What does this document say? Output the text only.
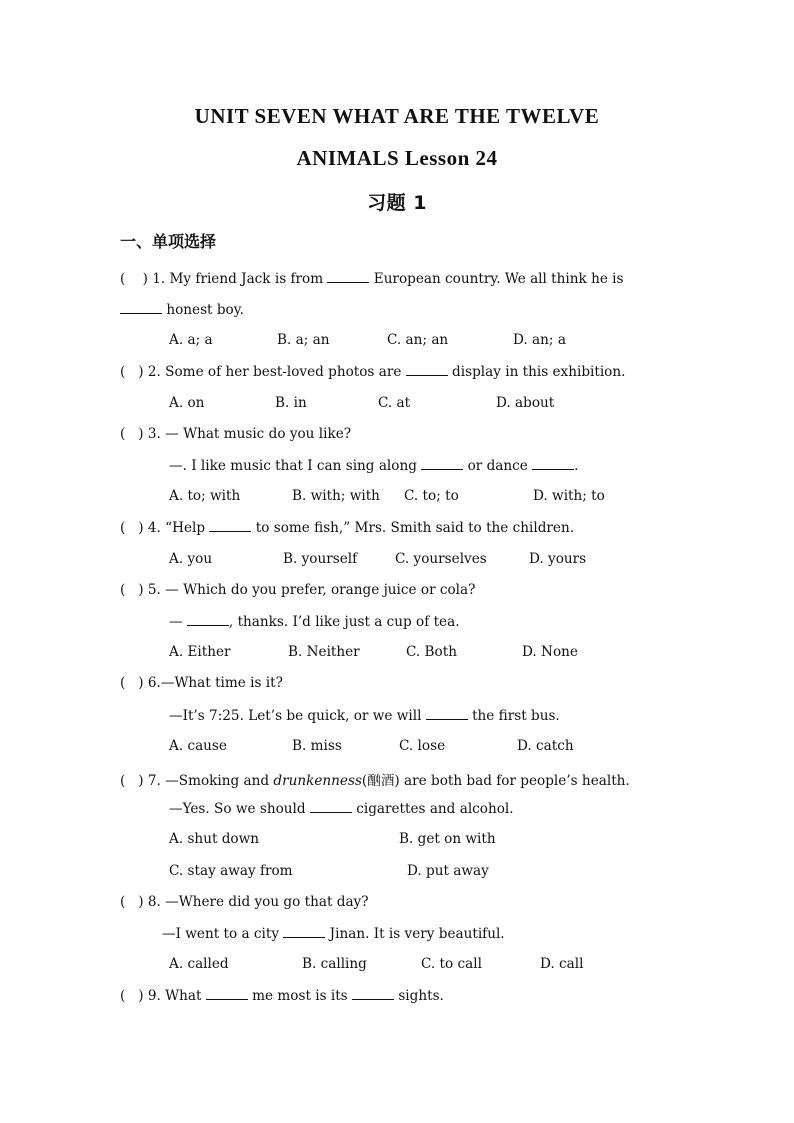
UNIT SEVEN WHAT ARE THE TWELVE
ANIMALS Lesson 24
习题 1
一、单项选择
(    ) 1. My friend Jack is from	European country. We all think he is
honest boy.
A. a; a	B. a; an	C. an; an	D. an; a
(   ) 2. Some of her best-loved photos are	display in this exhibition.
A. on	B. in	C. at	D. about
(   ) 3. — What music do you like?
—. I like music that I can sing along	or dance	.
A. to; with	B. with; with C. to; to	D. with; to
(   ) 4. “Help	to some fish,” Mrs. Smith said to the children.
A. you	B. yourself	C. yourselves	D. yours
(   ) 5. — Which do you prefer, orange juice or cola?
—	, thanks. I’d like just a cup of tea.
A. Either	B. Neither	C. Both	D. None
(   ) 6.—What time is it?
—It’s 7:25. Let’s be quick, or we will	the first bus.
A. cause	B. miss	C. lose	D. catch
(   ) 7. —Smoking and drunkenness(酗酒) are both bad for people’s health.
—Yes. So we should	cigarettes and alcohol.
A. shut down	B. get on with
C. stay away from	D. put away
(   ) 8. —Where did you go that day?
—I went to a city	Jinan. It is very beautiful.
A. called	B. calling	C. to call	D. call
(   ) 9. What	me most is its	sights.
